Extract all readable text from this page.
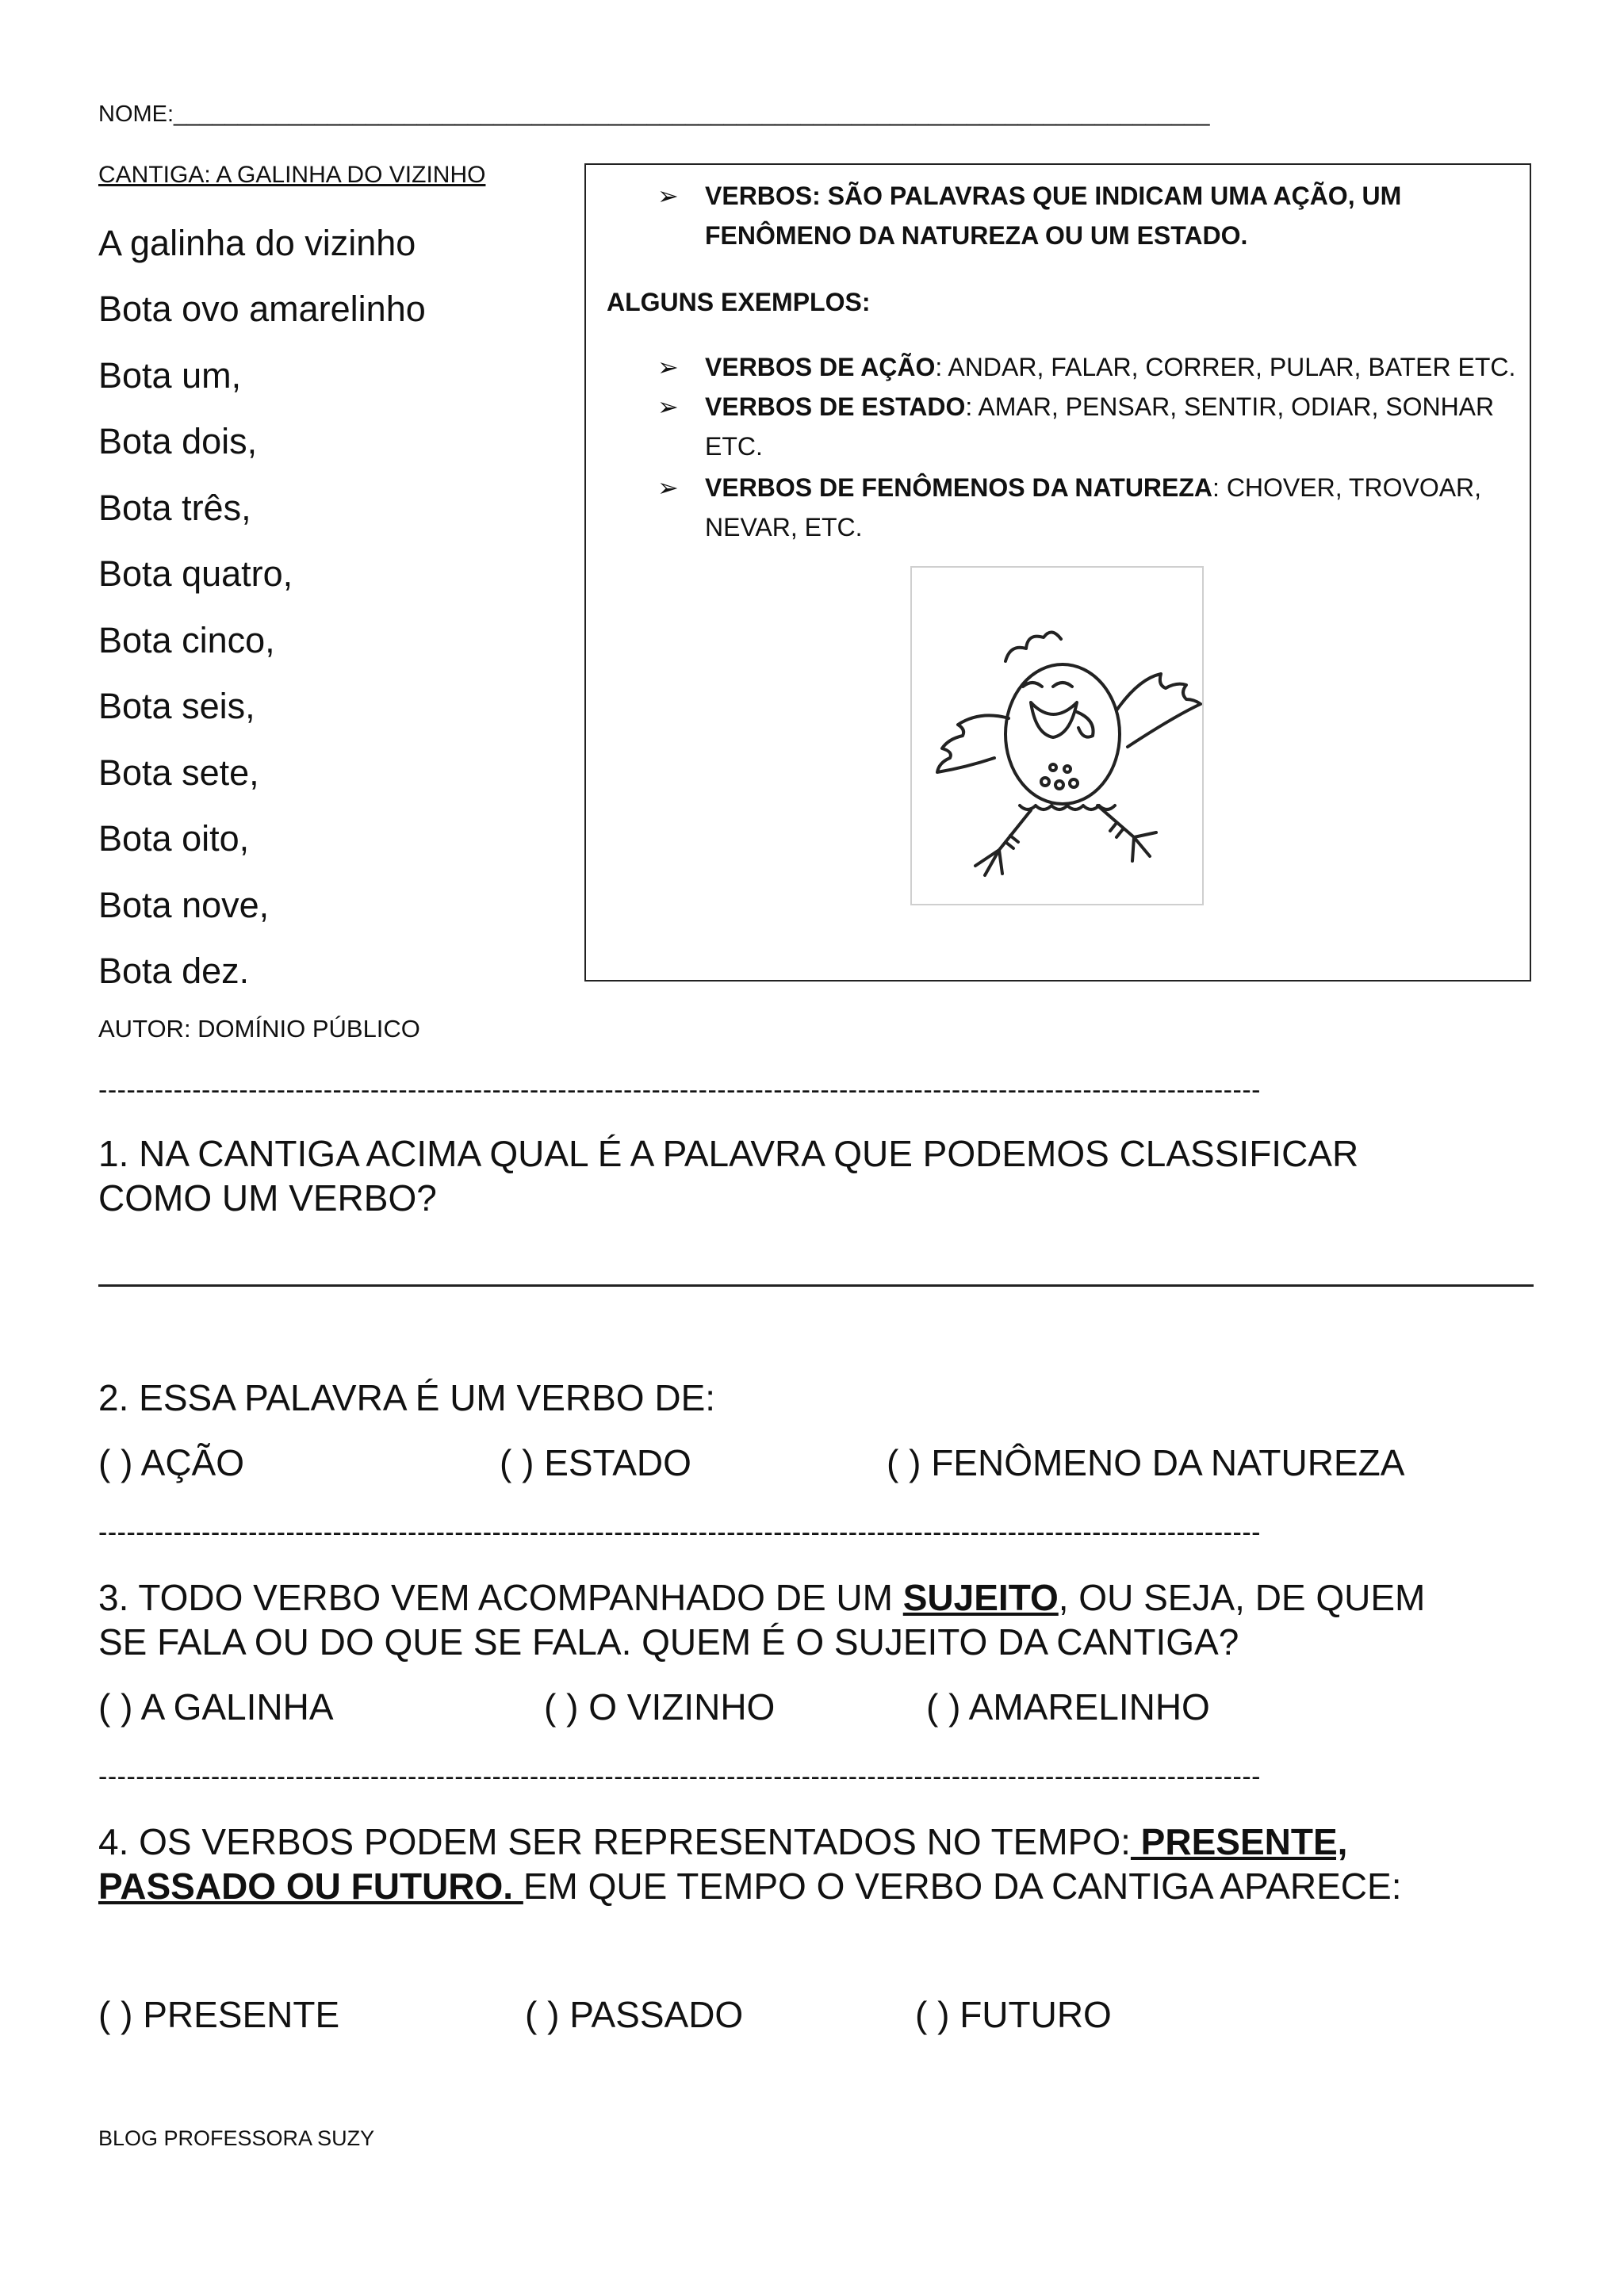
NOME:_________________________________________________________________________________
CANTIGA: A GALINHA DO VIZINHO
A galinha do vizinho
Bota ovo amarelinho
Bota um,
Bota dois,
Bota três,
Bota quatro,
Bota cinco,
Bota seis,
Bota sete,
Bota oito,
Bota nove,
Bota dez.
AUTOR: DOMÍNIO PÚBLICO
➢ VERBOS: SÃO PALAVRAS QUE INDICAM UMA AÇÃO, UM
FENÔMENO DA NATUREZA OU UM ESTADO.
ALGUNS EXEMPLOS:
➢ VERBOS DE AÇÃO: ANDAR, FALAR, CORRER, PULAR, BATER ETC.
➢ VERBOS DE ESTADO: AMAR, PENSAR, SENTIR, ODIAR, SONHAR
ETC.
➢ VERBOS DE FENÔMENOS DA NATUREZA: CHOVER, TROVOAR,
NEVAR, ETC.
----------------------------------------------------------------------------------------------------------------------------
1. NA CANTIGA ACIMA QUAL É A PALAVRA QUE PODEMOS CLASSIFICAR
COMO UM VERBO?
2. ESSA PALAVRA É UM VERBO DE:
( ) AÇÃO	( ) ESTADO	( ) FENÔMENO DA NATUREZA
----------------------------------------------------------------------------------------------------------------------------
3. TODO VERBO VEM ACOMPANHADO DE UM SUJEITO, OU SEJA, DE QUEM
SE FALA OU DO QUE SE FALA. QUEM É O SUJEITO DA CANTIGA?
( ) A GALINHA	( ) O VIZINHO	( ) AMARELINHO
----------------------------------------------------------------------------------------------------------------------------
4. OS VERBOS PODEM SER REPRESENTADOS NO TEMPO: PRESENTE,
PASSADO OU FUTURO. EM QUE TEMPO O VERBO DA CANTIGA APARECE:
( ) PRESENTE	( ) PASSADO	( ) FUTURO
BLOG PROFESSORA SUZY
